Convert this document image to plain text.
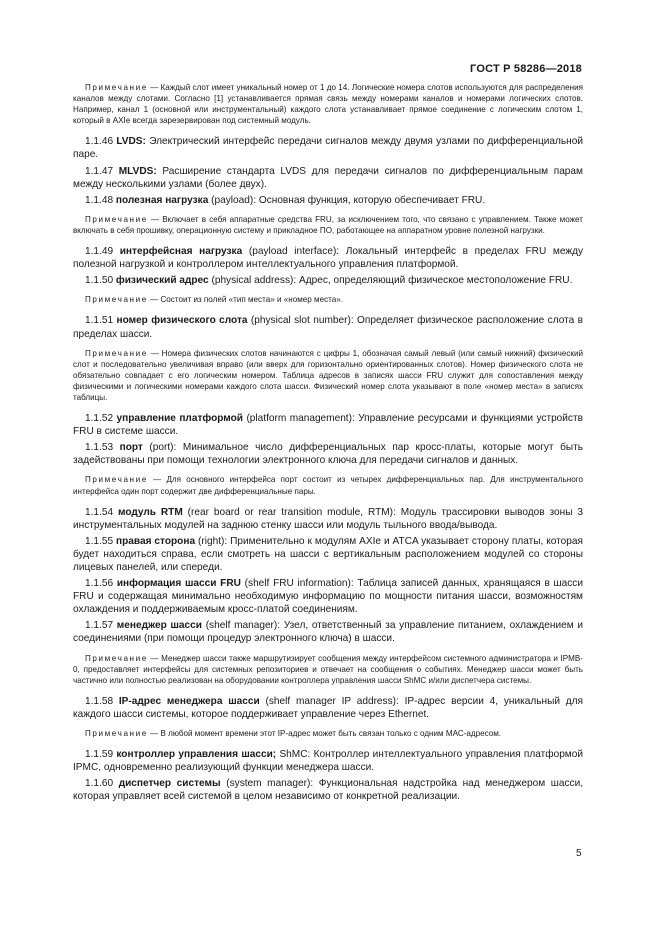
ГОСТ Р 58286—2018

Примечание — Каждый слот имеет уникальный номер от 1 до 14. Логические номера слотов используются для распределения каналов между слотами. Согласно [1] устанавливается прямая связь между номерами каналов и номерами логических слотов. Например, канал 1 (основной или инструментальный) каждого слота устанавливает прямое соединение с логическим слотом 1, который в AXIe всегда зарезервирован под системный модуль.

1.1.46 LVDS: Электрический интерфейс передачи сигналов между двумя узлами по дифференциальной паре.

1.1.47 MLVDS: Расширение стандарта LVDS для передачи сигналов по дифференциальным парам между несколькими узлами (более двух).

1.1.48 полезная нагрузка (payload): Основная функция, которую обеспечивает FRU.

Примечание — Включает в себя аппаратные средства FRU, за исключением того, что связано с управлением. Также может включать в себя прошивку, операционную систему и прикладное ПО, работающее на аппаратном уровне полезной нагрузки.

1.1.49 интерфейсная нагрузка (payload interface): Локальный интерфейс в пределах FRU между полезной нагрузкой и контроллером интеллектуального управления платформой.

1.1.50 физический адрес (physical address): Адрес, определяющий физическое местоположение FRU.

Примечание — Состоит из полей «тип места» и «номер места».

1.1.51 номер физического слота (physical slot number): Определяет физическое расположение слота в пределах шасси.

Примечание — Номера физических слотов начинаются с цифры 1, обозначая самый левый (или самый нижний) физический слот и последовательно увеличивая вправо (или вверх для горизонтально ориентированных слотов). Номер физического слота не обязательно совпадает с его логическим номером. Таблица адресов в записях шасси FRU служит для сопоставления между физическими и логическими номерами каждого слота шасси. Физический номер слота указывают в поле «номер места» в записях таблицы.

1.1.52 управление платформой (platform management): Управление ресурсами и функциями устройств FRU в системе шасси.

1.1.53 порт (port): Минимальное число дифференциальных пар кросс-платы, которые могут быть задействованы при помощи технологии электронного ключа для передачи сигналов и данных.

Примечание — Для основного интерфейса порт состоит из четырех дифференциальных пар. Для инструментального интерфейса один порт содержит две дифференциальные пары.

1.1.54 модуль RTM (rear board or rear transition module, RTM): Модуль трассировки выводов зоны 3 инструментальных модулей на заднюю стенку шасси или модуль тыльного ввода/вывода.

1.1.55 правая сторона (right): Применительно к модулям AXIe и ATCA указывает сторону платы, которая будет находиться справа, если смотреть на шасси с вертикальным расположением модулей со стороны лицевых панелей, или спереди.

1.1.56 информация шасси FRU (shelf FRU information): Таблица записей данных, хранящаяся в шасси FRU и содержащая минимально необходимую информацию по мощности питания шасси, возможностям охлаждения и поддерживаемым кросс-платой соединениям.

1.1.57 менеджер шасси (shelf manager): Узел, ответственный за управление питанием, охлаждением и соединениями (при помощи процедур электронного ключа) в шасси.

Примечание — Менеджер шасси также маршрутизирует сообщения между интерфейсом системного администратора и IPMB-0, предоставляет интерфейсы для системных репозиториев и отвечает на сообщения о событиях. Менеджер шасси может быть частично или полностью реализован на оборудовании контроллера управления шасси ShMC и/или диспетчера системы.

1.1.58 IP-адрес менеджера шасси (shelf manager IP address): IP-адрес версии 4, уникальный для каждого шасси системы, которое поддерживает управление через Ethernet.

Примечание — В любой момент времени этот IP-адрес может быть связан только с одним МАС-адресом.

1.1.59 контроллер управления шасси; ShMC: Контроллер интеллектуального управления платформой IPMC, одновременно реализующий функции менеджера шасси.

1.1.60 диспетчер системы (system manager): Функциональная надстройка над менеджером шасси, которая управляет всей системой в целом независимо от конкретной реализации.

5
